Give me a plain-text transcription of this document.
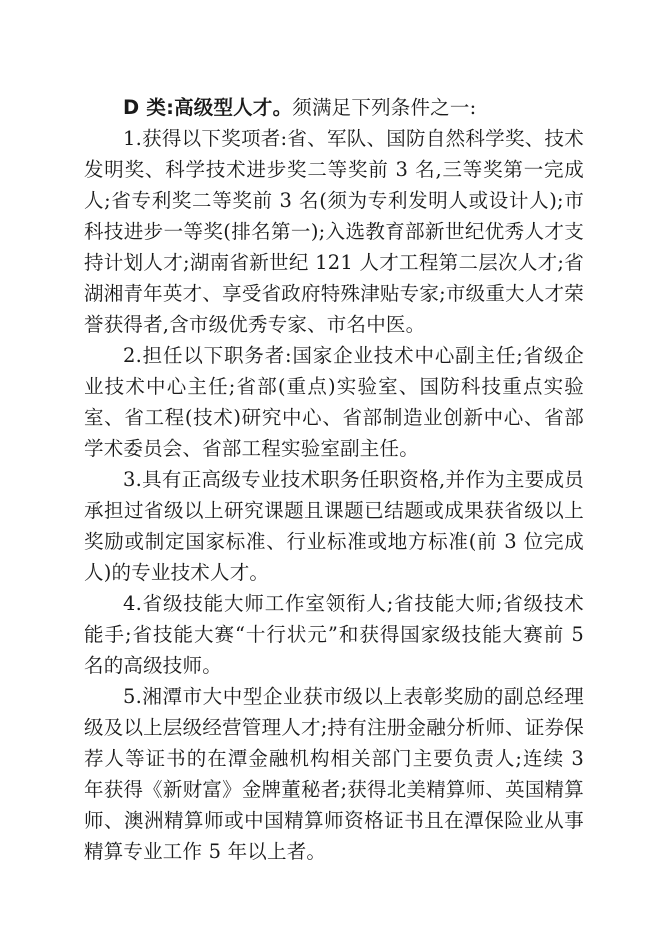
D 类:高级型人才。须满足下列条件之一:

1.获得以下奖项者:省、军队、国防自然科学奖、技术发明奖、科学技术进步奖二等奖前 3 名,三等奖第一完成人;省专利奖二等奖前 3 名(须为专利发明人或设计人);市科技进步一等奖(排名第一);入选教育部新世纪优秀人才支持计划人才;湖南省新世纪 121 人才工程第二层次人才;省湖湘青年英才、享受省政府特殊津贴专家;市级重大人才荣誉获得者,含市级优秀专家、市名中医。

2.担任以下职务者:国家企业技术中心副主任;省级企业技术中心主任;省部(重点)实验室、国防科技重点实验室、省工程(技术)研究中心、省部制造业创新中心、省部学术委员会、省部工程实验室副主任。

3.具有正高级专业技术职务任职资格,并作为主要成员承担过省级以上研究课题且课题已结题或成果获省级以上奖励或制定国家标准、行业标准或地方标准(前 3 位完成人)的专业技术人才。

4.省级技能大师工作室领衔人;省技能大师;省级技术能手;省技能大赛“十行状元”和获得国家级技能大赛前 5 名的高级技师。

5.湘潭市大中型企业获市级以上表彰奖励的副总经理级及以上层级经营管理人才;持有注册金融分析师、证券保荐人等证书的在潭金融机构相关部门主要负责人;连续 3 年获得《新财富》金牌董秘者;获得北美精算师、英国精算师、澳洲精算师或中国精算师资格证书且在潭保险业从事精算专业工作 5 年以上者。
